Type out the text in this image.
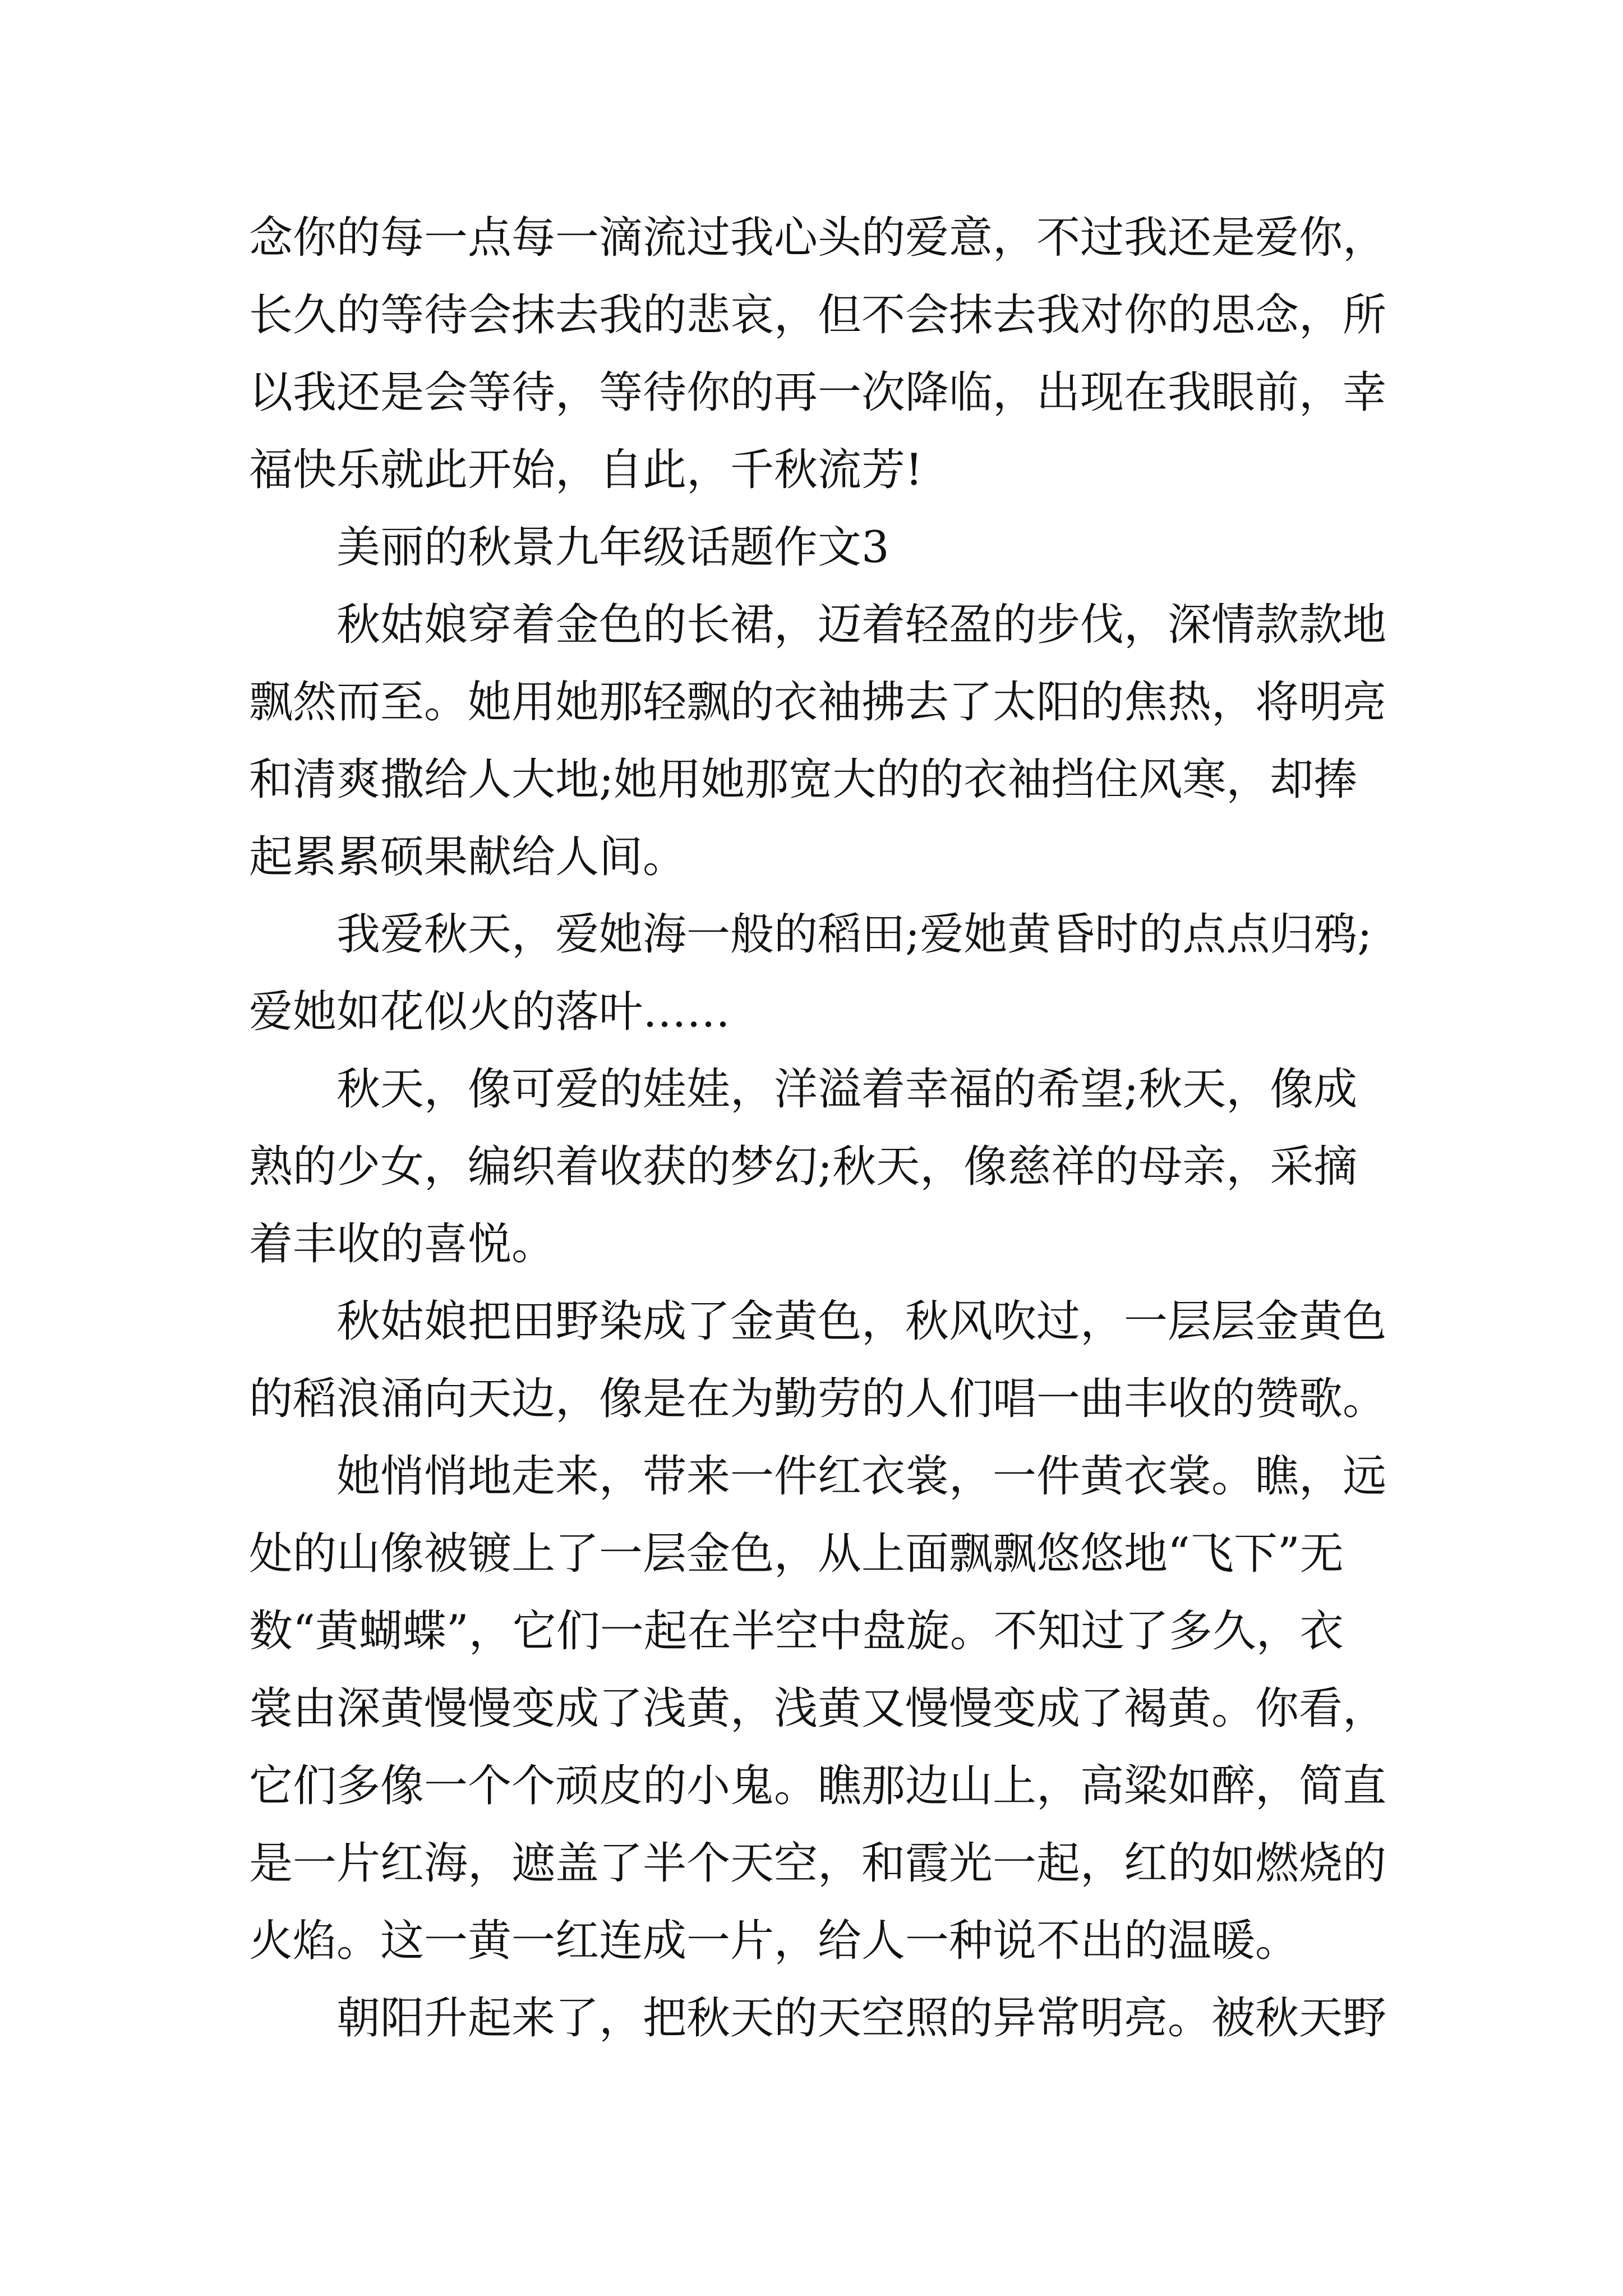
念你的每一点每一滴流过我心头的爱意，不过我还是爱你，
长久的等待会抹去我的悲哀，但不会抹去我对你的思念，所
以我还是会等待，等待你的再一次降临，出现在我眼前，幸
福快乐就此开始，自此，千秋流芳!
美丽的秋景九年级话题作文3
秋姑娘穿着金色的长裙，迈着轻盈的步伐，深情款款地
飘然而至。她用她那轻飘的衣袖拂去了太阳的焦热，将明亮
和清爽撒给人大地;她用她那宽大的的衣袖挡住风寒，却捧
起累累硕果献给人间。
我爱秋天，爱她海一般的稻田;爱她黄昏时的点点归鸦;
爱她如花似火的落叶……
秋天，像可爱的娃娃，洋溢着幸福的希望;秋天，像成
熟的少女，编织着收获的梦幻;秋天，像慈祥的母亲，采摘
着丰收的喜悦。
秋姑娘把田野染成了金黄色，秋风吹过，一层层金黄色
的稻浪涌向天边，像是在为勤劳的人们唱一曲丰收的赞歌。
她悄悄地走来，带来一件红衣裳，一件黄衣裳。瞧，远
处的山像被镀上了一层金色，从上面飘飘悠悠地“飞下”无
数“黄蝴蝶”，它们一起在半空中盘旋。不知过了多久，衣
裳由深黄慢慢变成了浅黄，浅黄又慢慢变成了褐黄。你看，
它们多像一个个顽皮的小鬼。瞧那边山上，高粱如醉，简直
是一片红海，遮盖了半个天空，和霞光一起，红的如燃烧的
火焰。这一黄一红连成一片，给人一种说不出的温暖。
朝阳升起来了，把秋天的天空照的异常明亮。被秋天野
